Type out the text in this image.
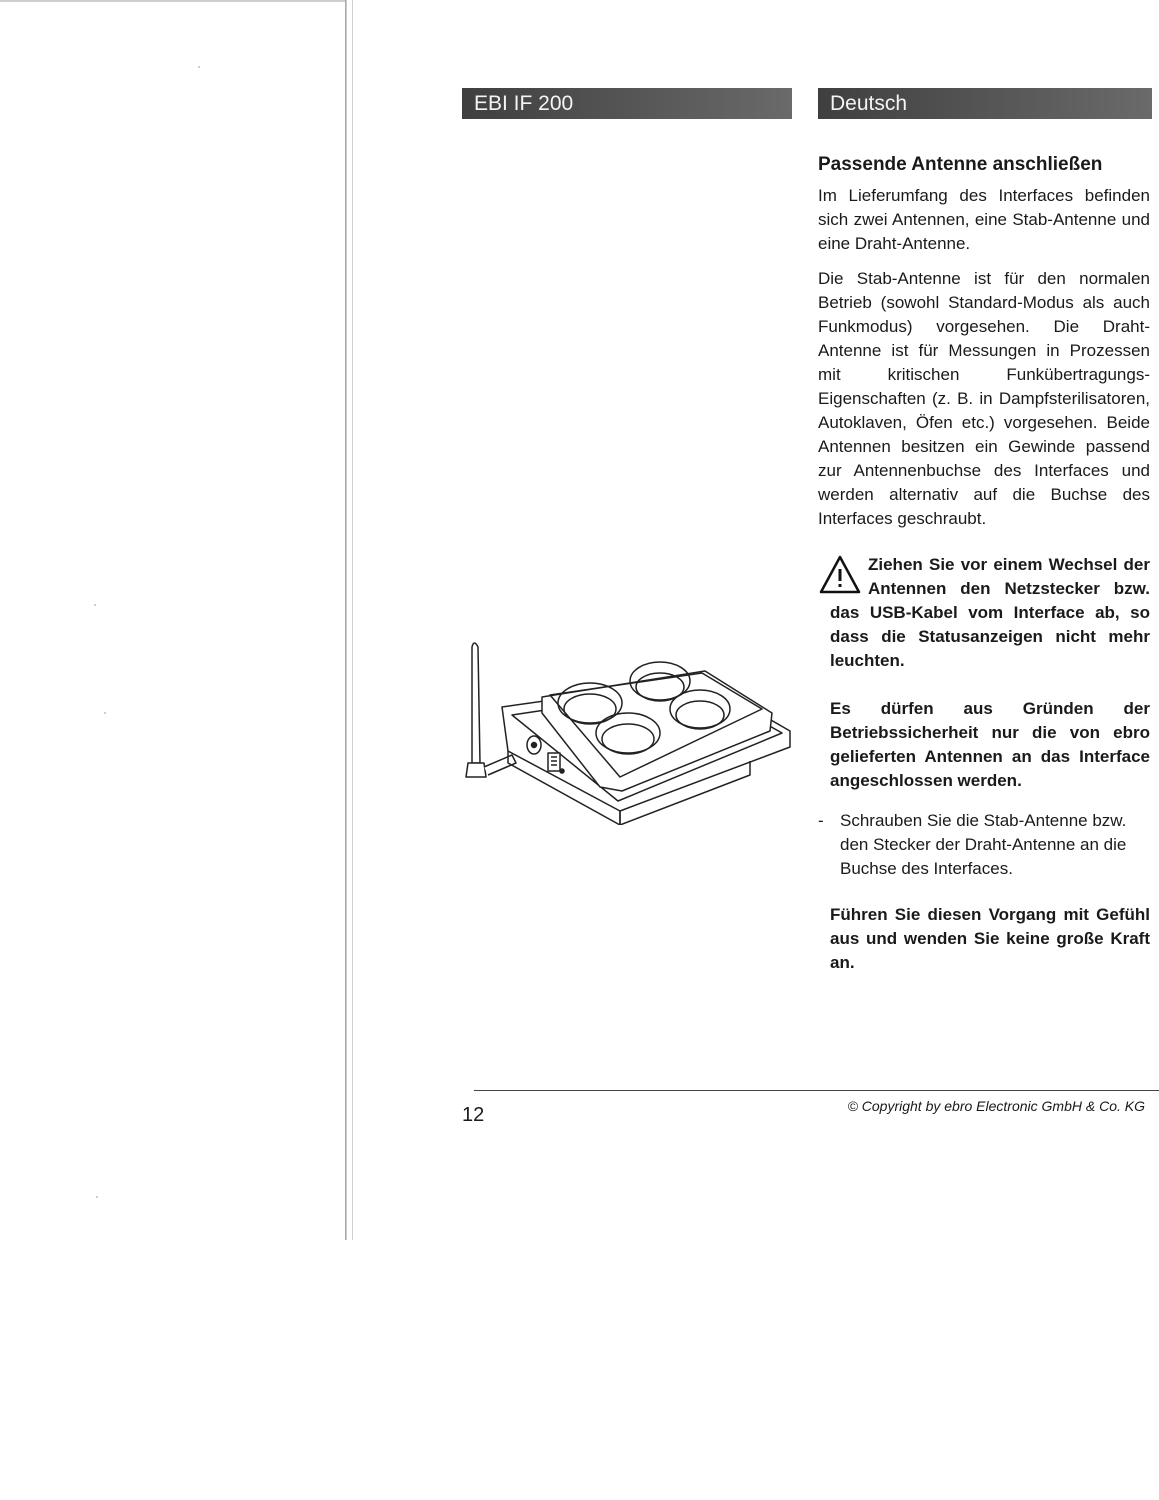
EBI IF 200	Deutsch
Passende Antenne anschließen

Im Lieferumfang des Interfaces befinden sich zwei Antennen, eine Stab-Antenne und eine Draht-Antenne.

Die Stab-Antenne ist für den normalen Betrieb (sowohl Standard-Modus als auch Funkmodus) vorgesehen. Die Draht-Antenne ist für Messungen in Prozessen mit kritischen Funkübertragungs-Eigenschaften (z. B. in Dampfsterilisatoren, Autoklaven, Öfen etc.) vorgesehen. Beide Antennen besitzen ein Gewinde passend zur Antennenbuchse des Interfaces und werden alternativ auf die Buchse des Interfaces geschraubt.

Ziehen Sie vor einem Wechsel der Antennen den Netzstecker bzw. das USB-Kabel vom Interface ab, so dass die Statusanzeigen nicht mehr leuchten.

Es dürfen aus Gründen der Betriebssicherheit nur die von ebro gelieferten Antennen an das Interface angeschlossen werden.

- Schrauben Sie die Stab-Antenne bzw. den Stecker der Draht-Antenne an die Buchse des Interfaces.

Führen Sie diesen Vorgang mit Gefühl aus und wenden Sie keine große Kraft an.

12	© Copyright by ebro Electronic GmbH & Co. KG
